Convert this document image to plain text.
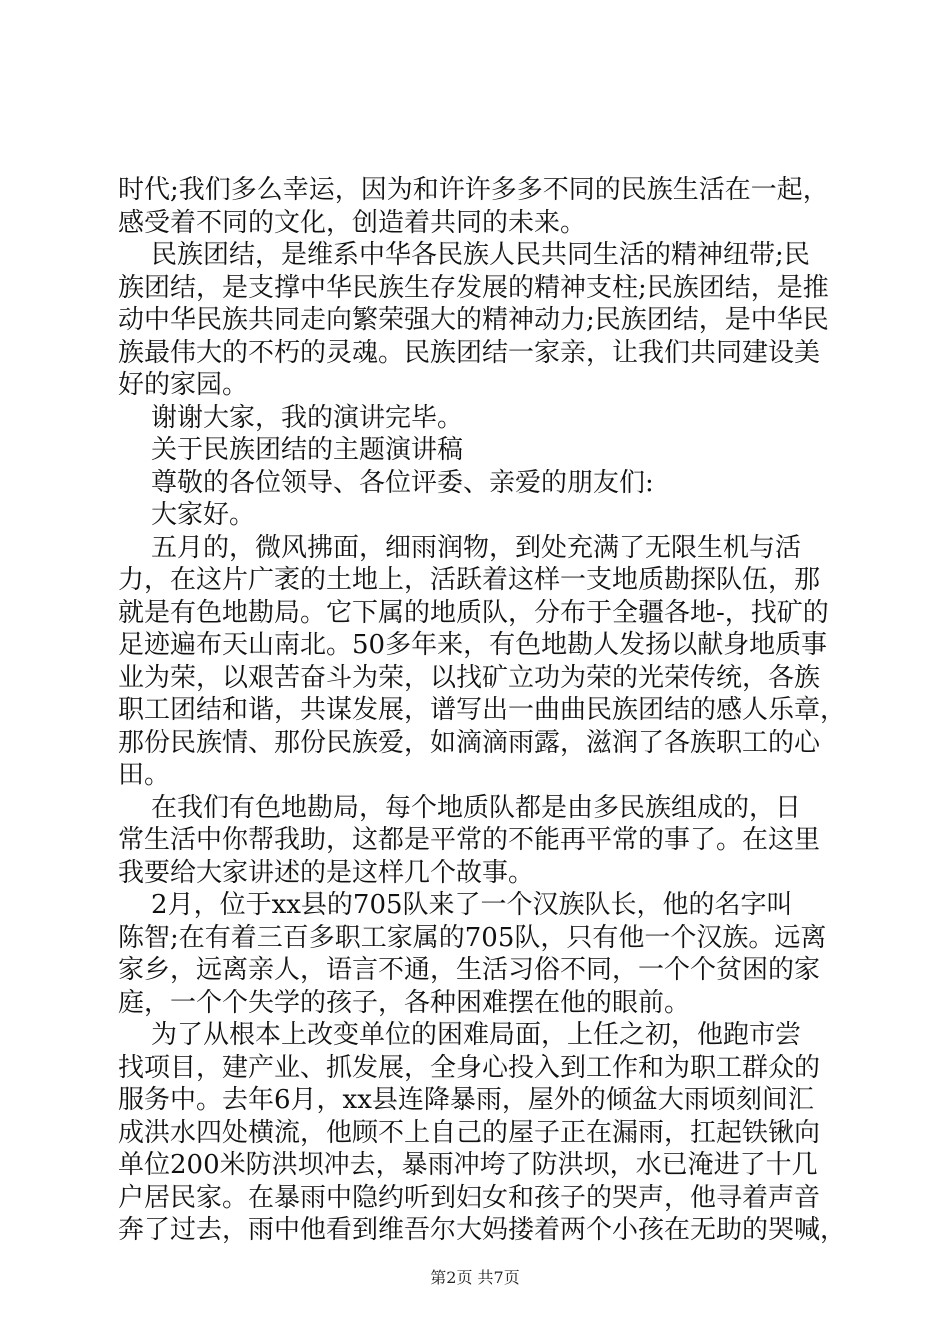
时代;我们多么幸运，因为和许许多多不同的民族生活在一起，
感受着不同的文化，创造着共同的未来。
民族团结，是维系中华各民族人民共同生活的精神纽带;民
族团结，是支撑中华民族生存发展的精神支柱;民族团结，是推
动中华民族共同走向繁荣强大的精神动力;民族团结，是中华民
族最伟大的不朽的灵魂。民族团结一家亲，让我们共同建设美
好的家园。
谢谢大家，我的演讲完毕。
关于民族团结的主题演讲稿
尊敬的各位领导、各位评委、亲爱的朋友们:
大家好。
五月的，微风拂面，细雨润物，到处充满了无限生机与活
力，在这片广袤的土地上，活跃着这样一支地质勘探队伍，那
就是有色地勘局。它下属的地质队，分布于全疆各地-，找矿的
足迹遍布天山南北。50多年来，有色地勘人发扬以献身地质事
业为荣，以艰苦奋斗为荣，以找矿立功为荣的光荣传统，各族
职工团结和谐，共谋发展，谱写出一曲曲民族团结的感人乐章，
那份民族情、那份民族爱，如滴滴雨露，滋润了各族职工的心
田。
在我们有色地勘局，每个地质队都是由多民族组成的，日
常生活中你帮我助，这都是平常的不能再平常的事了。在这里
我要给大家讲述的是这样几个故事。
2月，位于xx县的705队来了一个汉族队长，他的名字叫
陈智;在有着三百多职工家属的705队，只有他一个汉族。远离
家乡，远离亲人，语言不通，生活习俗不同，一个个贫困的家
庭，一个个失学的孩子，各种困难摆在他的眼前。
为了从根本上改变单位的困难局面，上任之初，他跑市尝
找项目，建产业、抓发展，全身心投入到工作和为职工群众的
服务中。去年6月，xx县连降暴雨，屋外的倾盆大雨顷刻间汇
成洪水四处横流，他顾不上自己的屋子正在漏雨，扛起铁锹向
单位200米防洪坝冲去，暴雨冲垮了防洪坝，水已淹进了十几
户居民家。在暴雨中隐约听到妇女和孩子的哭声，他寻着声音
奔了过去，雨中他看到维吾尔大妈搂着两个小孩在无助的哭喊，
第2页 共7页
